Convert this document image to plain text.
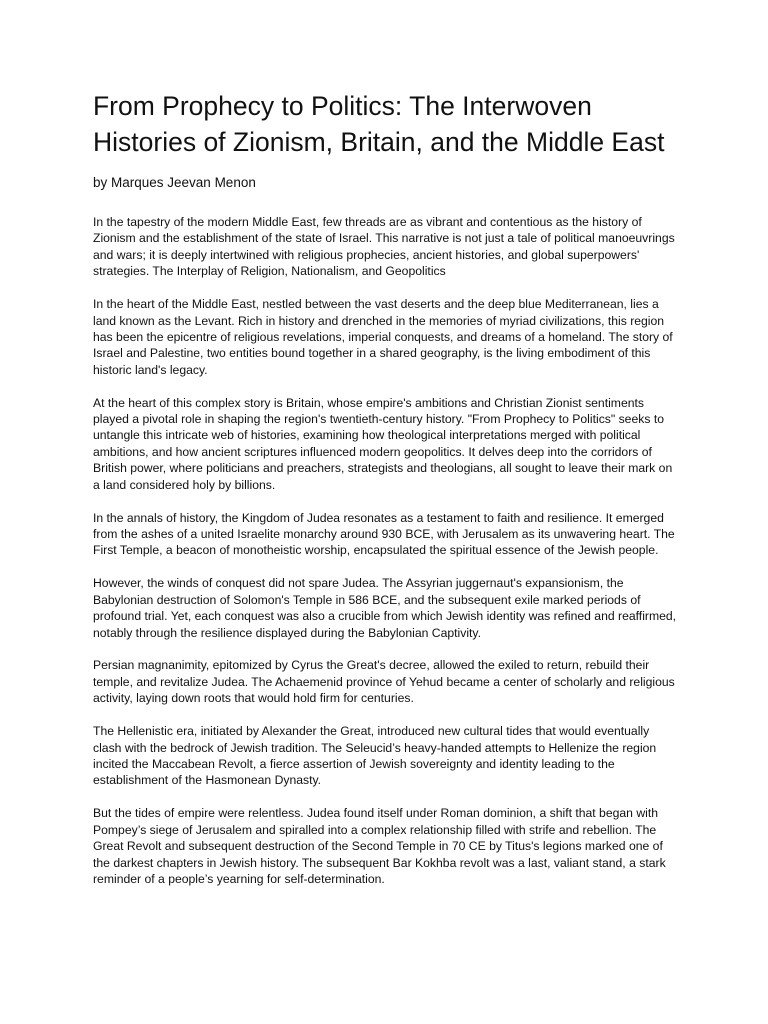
From Prophecy to Politics: The Interwoven Histories of Zionism, Britain, and the Middle East by Marques Jeevan Menon

In the tapestry of the modern Middle East, few threads are as vibrant and contentious as the history of Zionism and the establishment of the state of Israel. This narrative is not just a tale of political manoeuvrings and wars; it is deeply intertwined with religious prophecies, ancient histories, and global superpowers' strategies. The Interplay of Religion, Nationalism, and Geopolitics

In the heart of the Middle East, nestled between the vast deserts and the deep blue Mediterranean, lies a land known as the Levant. Rich in history and drenched in the memories of myriad civilizations, this region has been the epicentre of religious revelations, imperial conquests, and dreams of a homeland. The story of Israel and Palestine, two entities bound together in a shared geography, is the living embodiment of this historic land's legacy.

At the heart of this complex story is Britain, whose empire's ambitions and Christian Zionist sentiments played a pivotal role in shaping the region's twentieth-century history. "From Prophecy to Politics" seeks to untangle this intricate web of histories, examining how theological interpretations merged with political ambitions, and how ancient scriptures influenced modern geopolitics. It delves deep into the corridors of British power, where politicians and preachers, strategists and theologians, all sought to leave their mark on a land considered holy by billions.

In the annals of history, the Kingdom of Judea resonates as a testament to faith and resilience. It emerged from the ashes of a united Israelite monarchy around 930 BCE, with Jerusalem as its unwavering heart. The First Temple, a beacon of monotheistic worship, encapsulated the spiritual essence of the Jewish people.

However, the winds of conquest did not spare Judea. The Assyrian juggernaut's expansionism, the Babylonian destruction of Solomon's Temple in 586 BCE, and the subsequent exile marked periods of profound trial. Yet, each conquest was also a crucible from which Jewish identity was refined and reaffirmed, notably through the resilience displayed during the Babylonian Captivity.

Persian magnanimity, epitomized by Cyrus the Great's decree, allowed the exiled to return, rebuild their temple, and revitalize Judea. The Achaemenid province of Yehud became a center of scholarly and religious activity, laying down roots that would hold firm for centuries.

The Hellenistic era, initiated by Alexander the Great, introduced new cultural tides that would eventually clash with the bedrock of Jewish tradition. The Seleucid’s heavy-handed attempts to Hellenize the region incited the Maccabean Revolt, a fierce assertion of Jewish sovereignty and identity leading to the establishment of the Hasmonean Dynasty.

But the tides of empire were relentless. Judea found itself under Roman dominion, a shift that began with Pompey’s siege of Jerusalem and spiralled into a complex relationship filled with strife and rebellion. The Great Revolt and subsequent destruction of the Second Temple in 70 CE by Titus's legions marked one of the darkest chapters in Jewish history. The subsequent Bar Kokhba revolt was a last, valiant stand, a stark reminder of a people’s yearning for self-determination.
